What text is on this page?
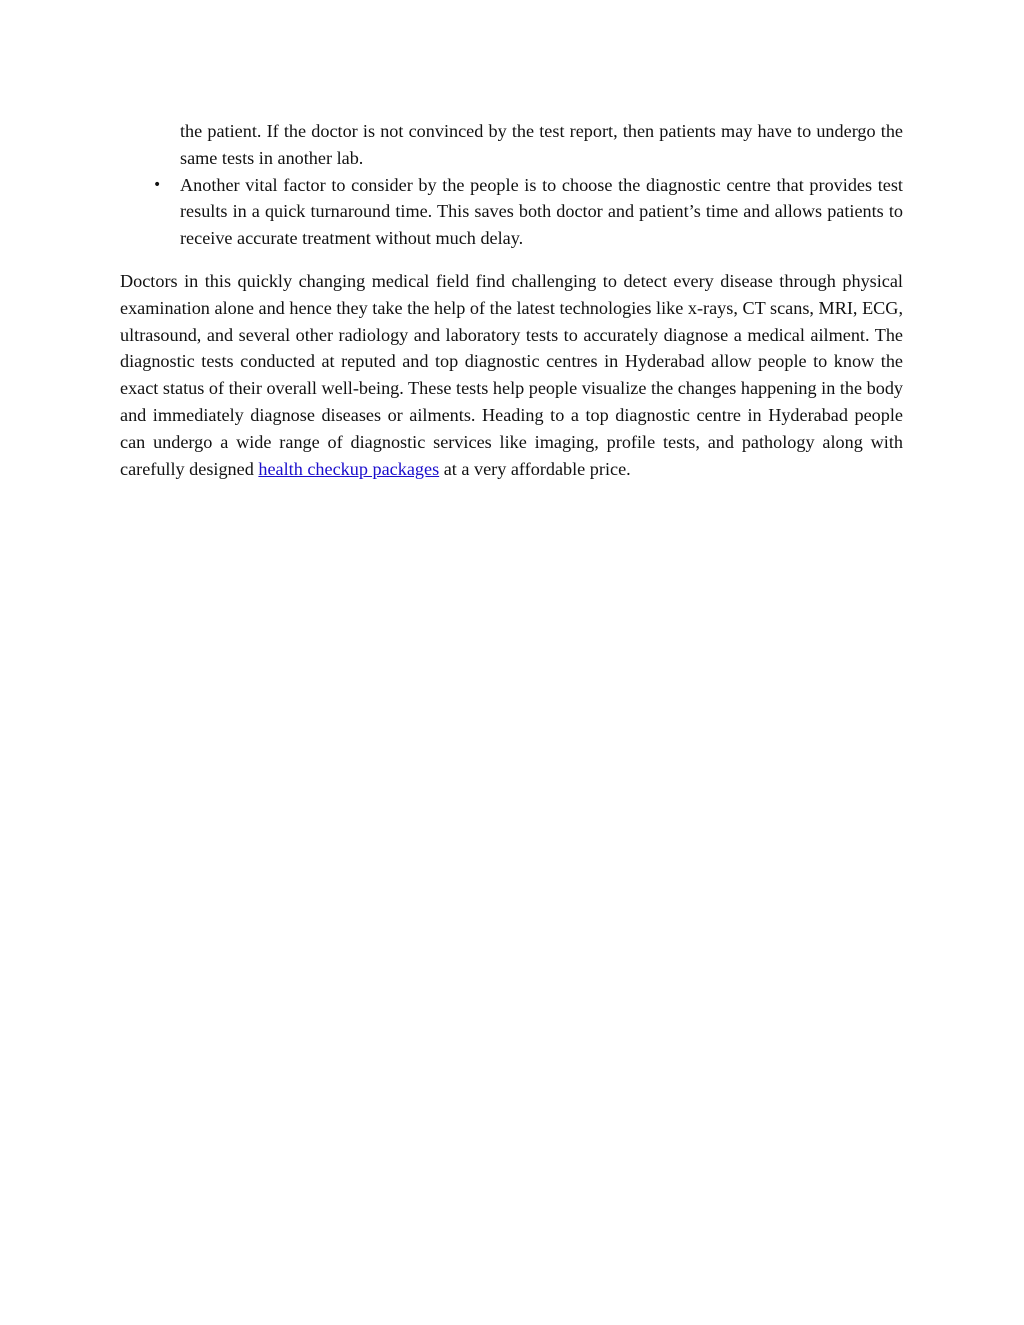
the patient. If the doctor is not convinced by the test report, then patients may have to undergo the same tests in another lab.
• Another vital factor to consider by the people is to choose the diagnostic centre that provides test results in a quick turnaround time. This saves both doctor and patient’s time and allows patients to receive accurate treatment without much delay.

Doctors in this quickly changing medical field find challenging to detect every disease through physical examination alone and hence they take the help of the latest technologies like x-rays, CT scans, MRI, ECG, ultrasound, and several other radiology and laboratory tests to accurately diagnose a medical ailment. The diagnostic tests conducted at reputed and top diagnostic centres in Hyderabad allow people to know the exact status of their overall well-being. These tests help people visualize the changes happening in the body and immediately diagnose diseases or ailments. Heading to a top diagnostic centre in Hyderabad people can undergo a wide range of diagnostic services like imaging, profile tests, and pathology along with carefully designed health checkup packages at a very affordable price.
